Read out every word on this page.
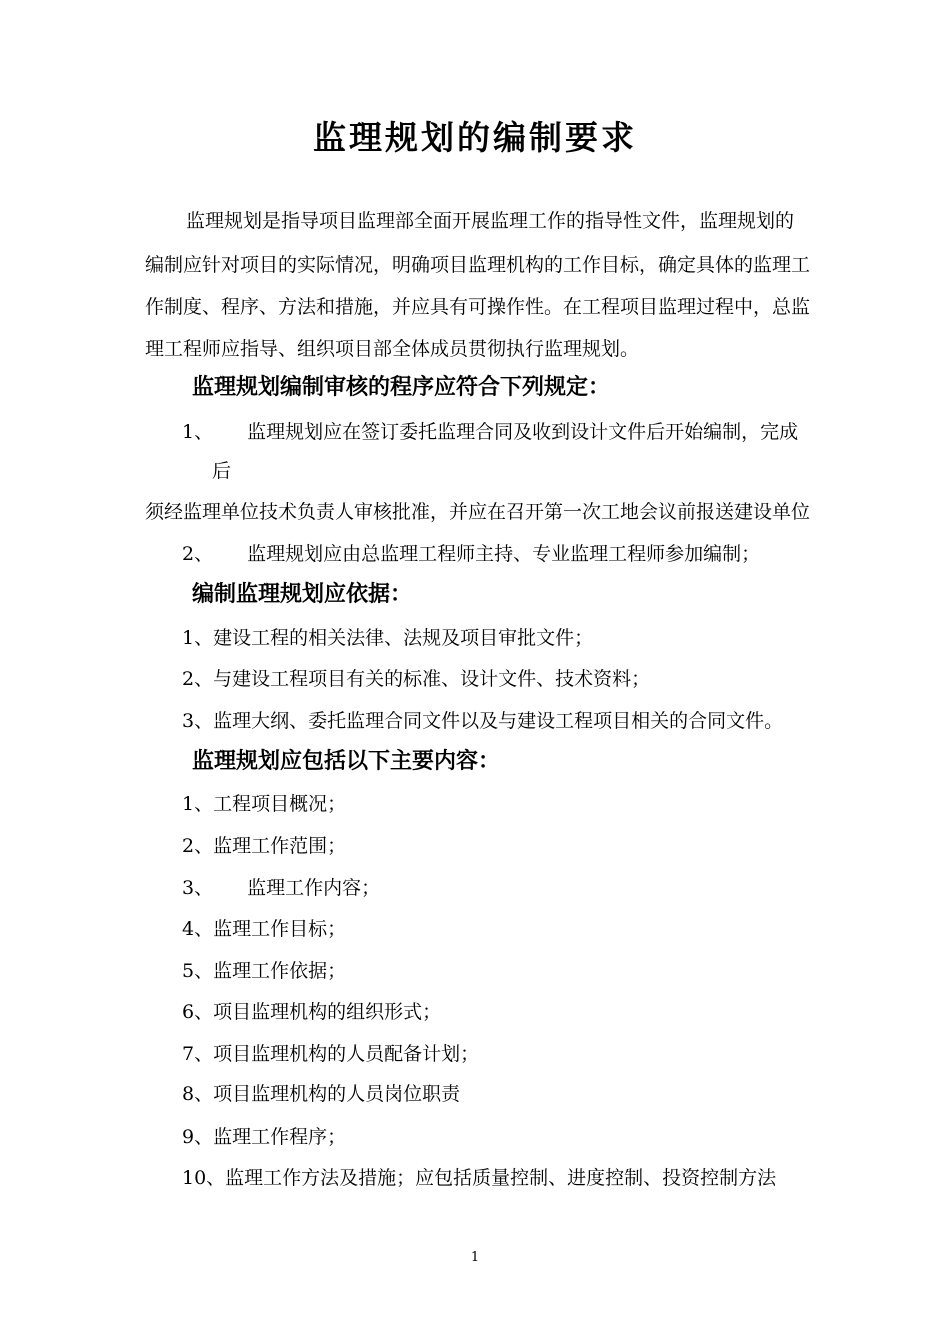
监理规划的编制要求
监理规划是指导项目监理部全面开展监理工作的指导性文件，监理规划的
编制应针对项目的实际情况，明确项目监理机构的工作目标，确定具体的监理工
作制度、程序、方法和措施，并应具有可操作性。在工程项目监理过程中，总监
理工程师应指导、组织项目部全体成员贯彻执行监理规划。
监理规划编制审核的程序应符合下列规定：
1、 监理规划应在签订委托监理合同及收到设计文件后开始编制，完成
后
须经监理单位技术负责人审核批准，并应在召开第一次工地会议前报送建设单位
2、 监理规划应由总监理工程师主持、专业监理工程师参加编制；
编制监理规划应依据：
1、建设工程的相关法律、法规及项目审批文件；
2、与建设工程项目有关的标准、设计文件、技术资料；
3、监理大纲、委托监理合同文件以及与建设工程项目相关的合同文件。
监理规划应包括以下主要内容：
1、工程项目概况；
2、监理工作范围；
3、 监理工作内容；
4、监理工作目标；
5、监理工作依据；
6、项目监理机构的组织形式；
7、项目监理机构的人员配备计划；
8、项目监理机构的人员岗位职责
9、监理工作程序；
10、监理工作方法及措施；应包括质量控制、进度控制、投资控制方法
1
